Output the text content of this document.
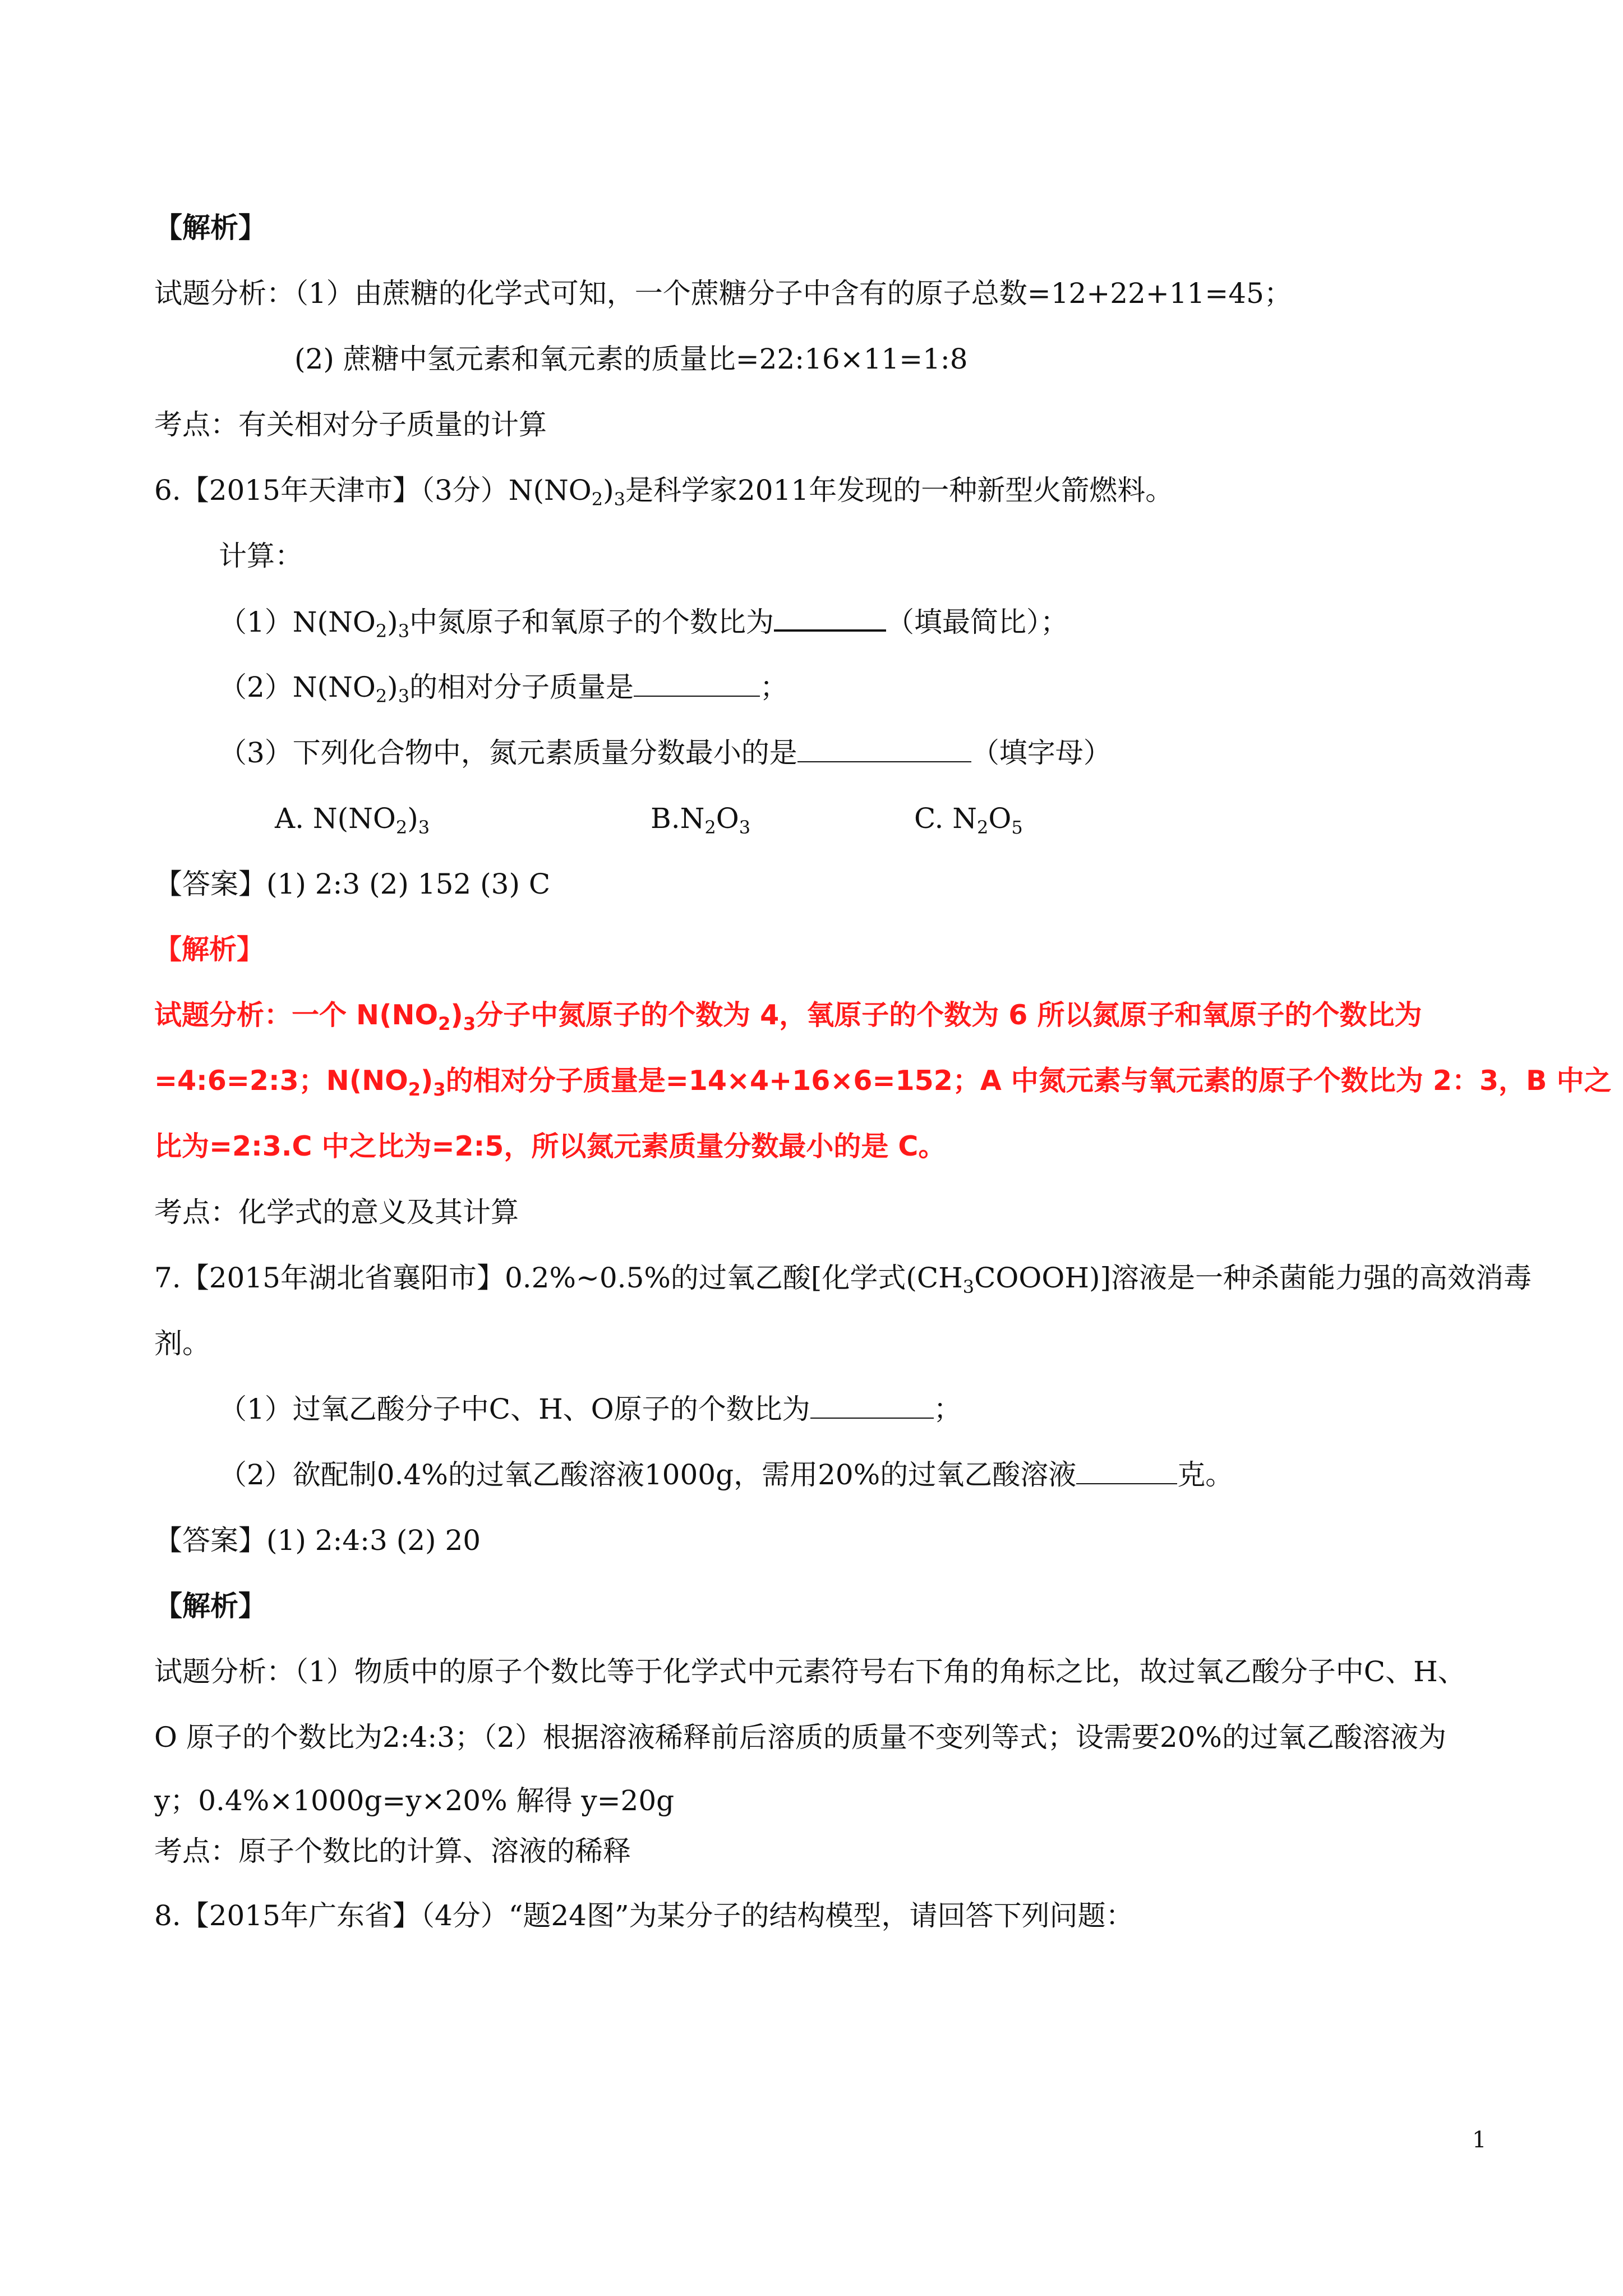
【解析】
试题分析：（1）由蔗糖的化学式可知，一个蔗糖分子中含有的原子总数=12+22+11=45；
(2) 蔗糖中氢元素和氧元素的质量比=22:16×11=1:8
考点：有关相对分子质量的计算
6.【2015年天津市】（3分）$N(NO_2)_3$是科学家2011年发现的一种新型火箭燃料。
计算：
$(1)N(NO_2)_3$中氮原子和氧原子的个数比为	（填最简比）；
$(2)N(NO_2)_3$的相对分子质量是	；
（3）下列化合物中，氮元素质量分数最小的是	（填字母）
A. $N(NO_2)_3$	$B.N_2O_3$	C. $N_2O_5$
【答案】(1) 2:3 (2) 152 (3) C
【解析】
试题分析：一个 $N(NO_2)_3$分子中氮原子的个数为 4，氧原子的个数为 6 所以氮原子和氧原子的个数比为
=4:6=2:3；$N(NO_2)_3$的相对分子质量是=14×4+16×6=152；A 中氮元素与氧元素的原子个数比为 2：3，B 中之
比为=2:3.C 中之比为=2:5，所以氮元素质量分数最小的是 C。
考点：化学式的意义及其计算
7.【2015年湖北省襄阳市】0.2%~0.5%的过氧乙酸[化学式$(CH_3COOOH)$]溶液是一种杀菌能力强的高效消毒
剂。
（1）过氧乙酸分子中C、H、O原子的个数比为	；
（2）欲配制0.4%的过氧乙酸溶液1000g，需用20%的过氧乙酸溶液	克。
【答案】(1) 2:4:3 (2) 20
【解析】
试题分析：（1）物质中的原子个数比等于化学式中元素符号右下角的角标之比，故过氧乙酸分子中C、H、
O 原子的个数比为2:4:3；（2）根据溶液稀释前后溶质的质量不变列等式；设需要20%的过氧乙酸溶液为
y；0.4%×1000g=y×20% 解得 y=20g
考点：原子个数比的计算、溶液的稀释
8.【2015年广东省】（4分）“题24图”为某分子的结构模型，请回答下列问题：
1
